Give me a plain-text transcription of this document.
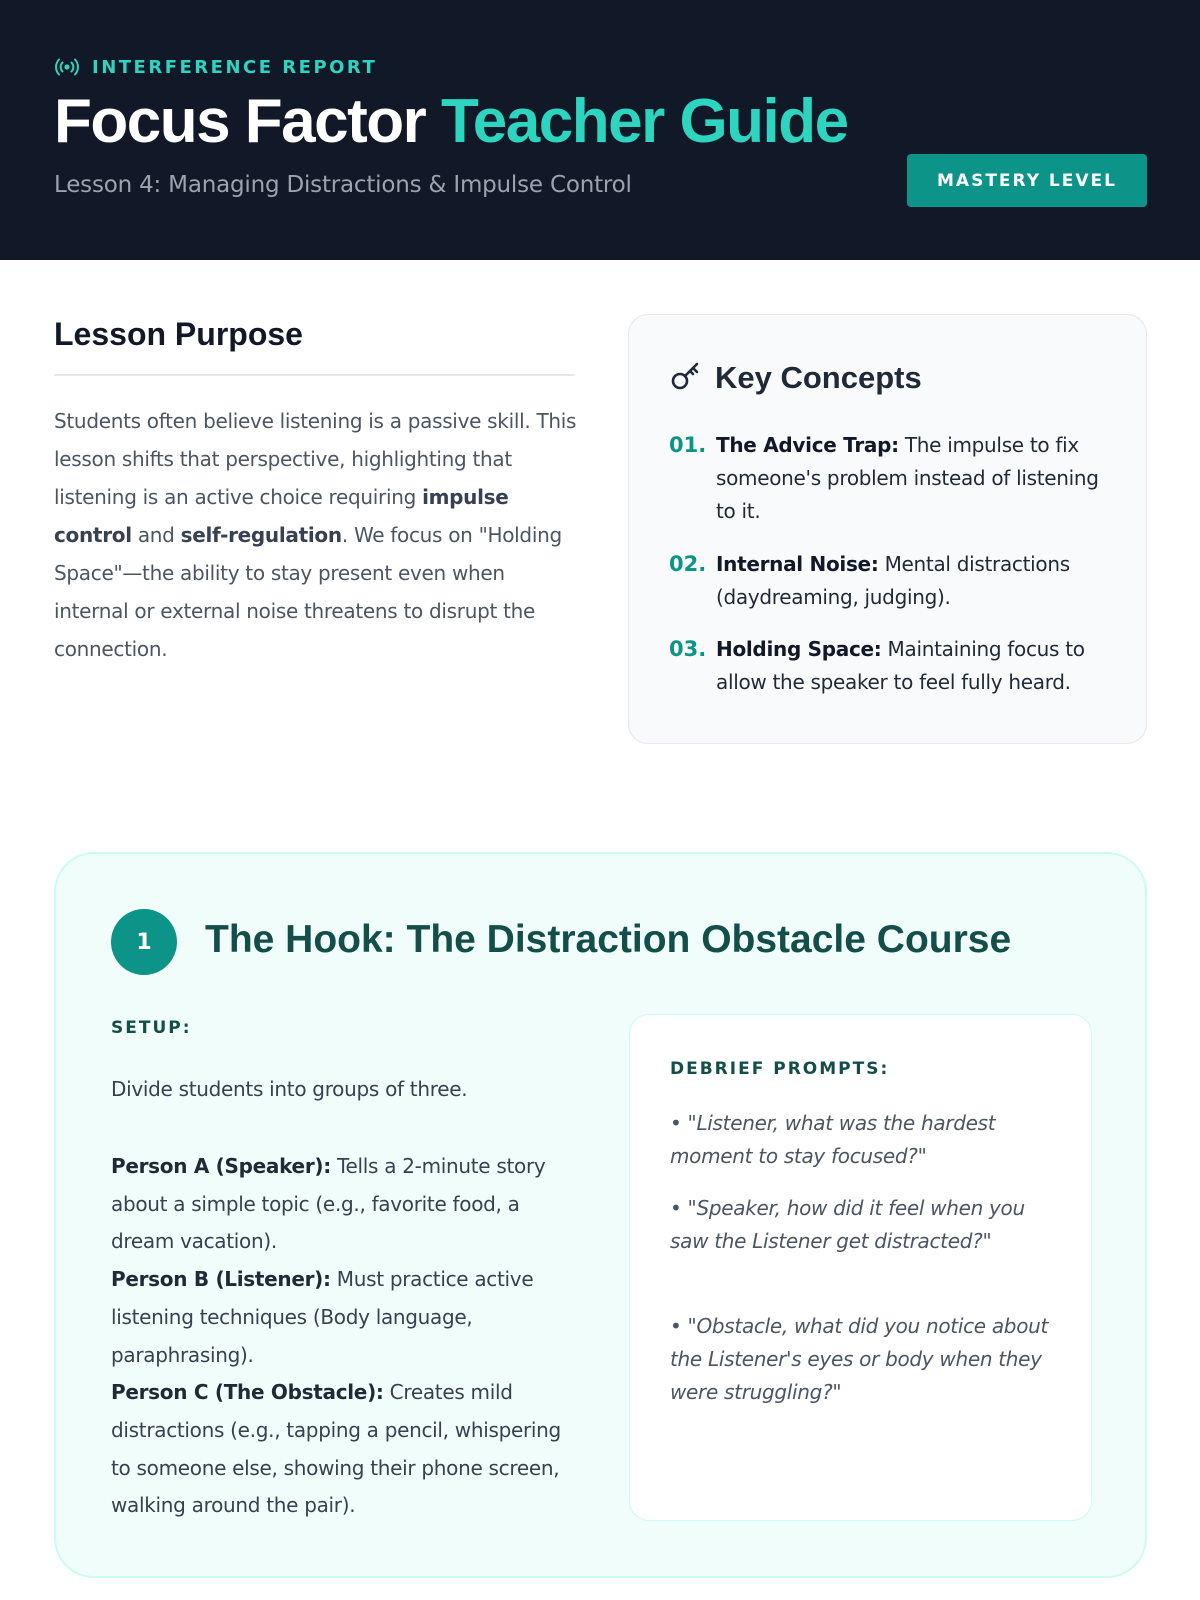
INTERFERENCE REPORT
Focus Factor Teacher Guide
Lesson 4: Managing Distractions & Impulse Control	MASTERY LEVEL
Lesson Purpose
Students often believe listening is a passive skill. This lesson shifts that perspective, highlighting that listening is an active choice requiring impulse control and self-regulation. We focus on "Holding Space"—the ability to stay present even when internal or external noise threatens to disrupt the connection.
Key Concepts
01. The Advice Trap: The impulse to fix someone's problem instead of listening to it.
02. Internal Noise: Mental distractions (daydreaming, judging).
03. Holding Space: Maintaining focus to allow the speaker to feel fully heard.
1	The Hook: The Distraction Obstacle Course
SETUP:
Divide students into groups of three.
Person A (Speaker): Tells a 2-minute story about a simple topic (e.g., favorite food, a dream vacation).
Person B (Listener): Must practice active listening techniques (Body language, paraphrasing).
Person C (The Obstacle): Creates mild distractions (e.g., tapping a pencil, whispering to someone else, showing their phone screen, walking around the pair).
DEBRIEF PROMPTS:
• "Listener, what was the hardest moment to stay focused?"
• "Speaker, how did it feel when you saw the Listener get distracted?"
• "Obstacle, what did you notice about the Listener's eyes or body when they were struggling?"
